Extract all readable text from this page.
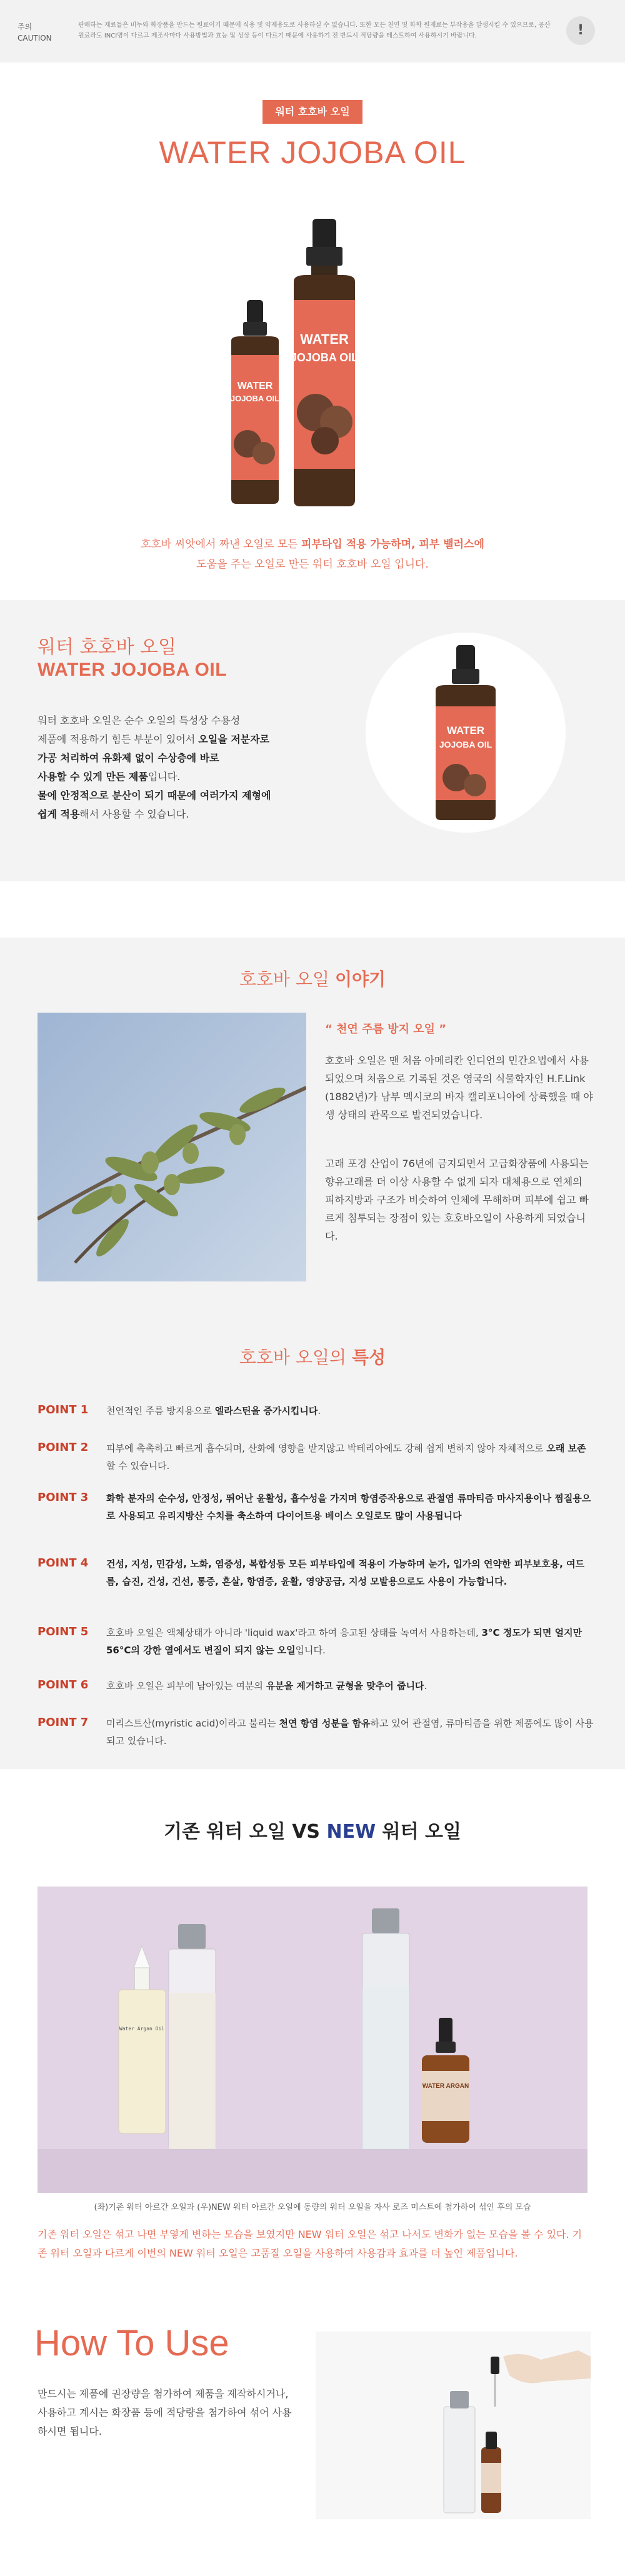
주의
CAUTION
판매하는 제료들은 비누와 화장품을 만드는 원료이기 때문에 식용 및 약제용도로 사용하실 수 없습니다. 또한 모든 천연 및 화학 원재료는 부작용을 발생시킬 수 있으므로, 공산 원료라도 INCI명이 다르고 제조사마다 사용방법과 효능 및 성상 등이 다르기 때문에 사용하기 전 반드시 적당량을 테스트하여 사용하시기 바랍니다.	!
워터 호호바 오일
WATER JOJOBA OIL
WATER
JOJOBA OIL
WATER
JOJOBA OIL
호호바 씨앗에서 짜낸 오일로 모든 피부타입 적용 가능하며, 피부 밸러스에
도움을 주는 오일로 만든 워터 호호바 오일 입니다.
워터 호호바 오일
WATER JOJOBA OIL
워터 호호바 오일은 순수 오일의 특성상 수용성
제품에 적용하기 힘든 부분이 있어서 오일을 저분자로
가공 처리하여 유화제 없이 수상층에 바로
사용할 수 있게 만든 제품입니다.
물에 안정적으로 분산이 되기 때문에 여러가지 제형에
쉽게 적용해서 사용할 수 있습니다.
WATER
JOJOBA OIL
호호바 오일 이야기
“ 천연 주름 방지 오일 ”
호호바 오일은 맨 처음 아메리칸 인디언의 민간요법에서 사용되었으며 처음으로 기록된 것은 영국의 식물학자인 H.F.Link (1882년)가 남부 멕시코의 바자 캘리포니아에 상륙했을 때 야생 상태의 관목으로 발견되었습니다.
고래 포경 산업이 76년에 금지되면서 고급화장품에 사용되는 향유고래를 더 이상 사용할 수 없게 되자 대체용으로 연체의 피하지방과 구조가 비슷하여 인체에 무해하며 피부에 쉽고 빠르게 침투되는 장점이 있는 호호바오일이 사용하게 되었습니다.
호호바 오일의 특성
POINT 1 천연적인 주름 방지용으로 엘라스틴을 증가시킵니다.
POINT 2 피부에 촉촉하고 빠르게 흡수되며, 산화에 영향을 받지않고 박테리아에도 강해 쉽게 변하지 않아 자체적으로 오래 보존할 수 있습니다.
POINT 3 화학 분자의 순수성, 안정성, 뛰어난 윤활성, 흡수성을 가지며 항염증작용으로 관절염 류마티즘 마사지용이나 찜질용으로 사용되고 유리지방산 수치를 축소하여 다이어트용 베이스 오일로도 많이 사용됩니다
POINT 4 건성, 지성, 민감성, 노화, 염증성, 복합성등 모든 피부타입에 적용이 가능하며 눈가, 입가의 연약한 피부보호용, 여드름, 습진, 건성, 건선, 통증, 흔살, 항염증, 윤활, 영양공급, 지성 모발용으로도 사용이 가능합니다.
POINT 5 호호바 오일은 액체상태가 아니라 'liquid wax'라고 하여 응고된 상태를 녹여서 사용하는데, 3°C 정도가 되면 얼지만 56°C의 강한 열에서도 변질이 되지 않는 오일입니다.
POINT 6 호호바 오일은 피부에 남아있는 여분의 유분을 제거하고 균형을 맞추어 줍니다.
POINT 7 미리스트산(myristic acid)이라고 불리는 천연 항염 성분을 함유하고 있어 관절염, 류마티즘을 위한 제품에도 많이 사용되고 있습니다.
기존 워터 오일 VS NEW 워터 오일
Water Argan Oil
WATER ARGAN
(좌)기존 워터 아르간 오일과 (우)NEW 워터 아르간 오일에 동량의 워터 오일을 자사 로즈 미스트에 첨가하여 섞인 후의 모습
기존 워터 오일은 섞고 나면 부옇게 변하는 모습을 보였지만 NEW 워터 오일은 섞고 나서도 변화가 없는 모습을 볼 수 있다. 기존 워터 오일과 다르게 이번의 NEW 워터 오일은 고품질 오일을 사용하여 사용감과 효과를 더 높인 제품입니다.
How To Use
만드시는 제품에 권장량을 첨가하여 제품을 제작하시거나, 사용하고 계시는 화장품 등에 적당량을 첨가하여 섞어 사용하시면 됩니다.
